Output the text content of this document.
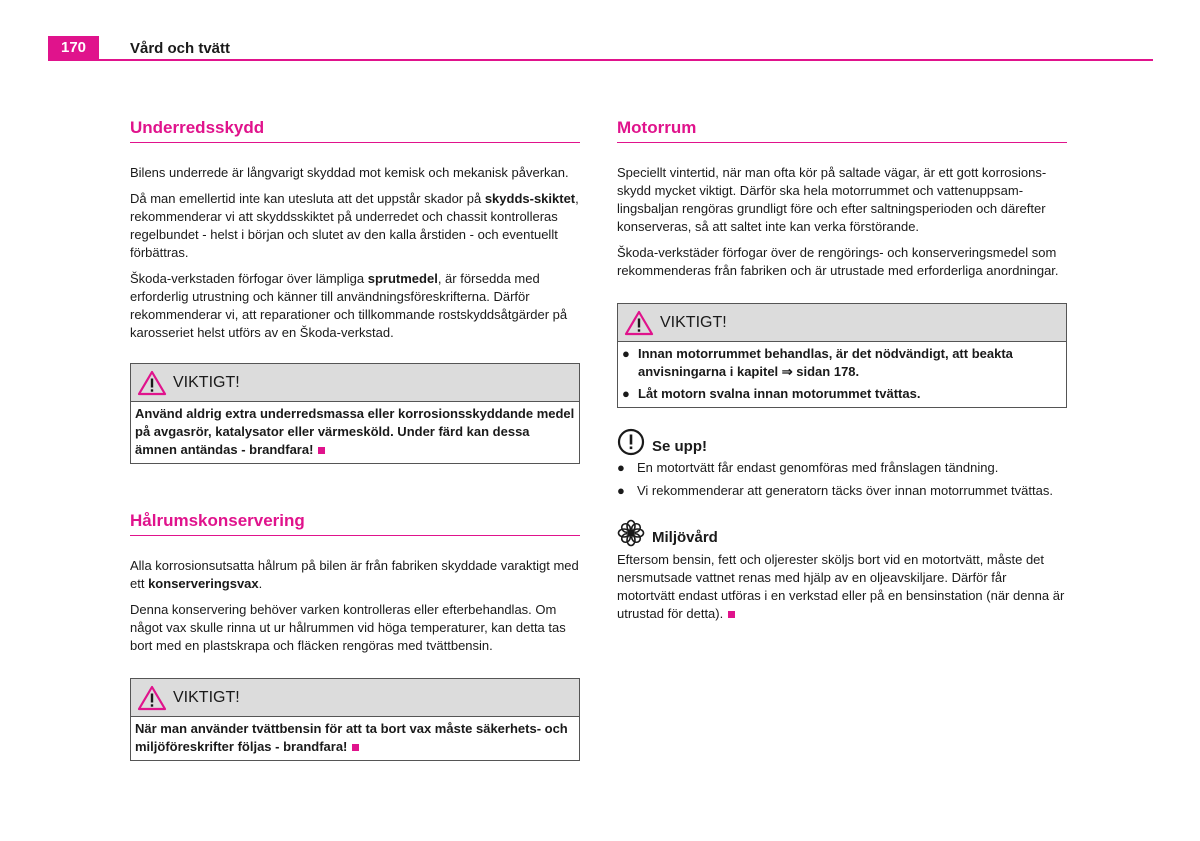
170	Vård och tvätt
Underredsskydd

Bilens underrede är långvarigt skyddad mot kemisk och mekanisk påverkan.

Då man emellertid inte kan utesluta att det uppstår skador på skydds-skiktet, rekommenderar vi att skyddsskiktet på underredet och chassit kontrolleras regelbundet - helst i början och slutet av den kalla årstiden - och eventuellt förbättras.

Škoda-verkstaden förfogar över lämpliga sprutmedel, är försedda med erforderlig utrustning och känner till användningsföreskrifterna. Därför rekommenderar vi, att reparationer och tillkommande rostskyddsåtgärder på karosseriet helst utförs av en Škoda-verkstad.

VIKTIGT!
Använd aldrig extra underredsmassa eller korrosionsskyddande medel på avgasrör, katalysator eller värmesköld. Under färd kan dessa ämnen antändas - brandfara!
Hålrumskonservering

Alla korrosionsutsatta hålrum på bilen är från fabriken skyddade varaktigt med ett konserveringsvax.

Denna konservering behöver varken kontrolleras eller efterbehandlas. Om något vax skulle rinna ut ur hålrummen vid höga temperaturer, kan detta tas bort med en plastskrapa och fläcken rengöras med tvättbensin.

VIKTIGT!
När man använder tvättbensin för att ta bort vax måste säkerhets- och miljöföreskrifter följas - brandfara!
Motorrum

Speciellt vintertid, när man ofta kör på saltade vägar, är ett gott korrosions-skydd mycket viktigt. Därför ska hela motorrummet och vattenuppsam-lingsbaljan rengöras grundligt före och efter saltningsperioden och därefter konserveras, så att saltet inte kan verka förstörande.

Škoda-verkstäder förfogar över de rengörings- och konserveringsmedel som rekommenderas från fabriken och är utrustade med erforderliga anordningar.

VIKTIGT!
● Innan motorrummet behandlas, är det nödvändigt, att beakta anvisningarna i kapitel ⇒ sidan 178.
● Låt motorn svalna innan motorummet tvättas.
Se upp!
● En motortvätt får endast genomföras med frånslagen tändning.
● Vi rekommenderar att generatorn täcks över innan motorrummet tvättas.
Miljövård

Eftersom bensin, fett och oljerester sköljs bort vid en motortvätt, måste det nersmutsade vattnet renas med hjälp av en oljeavskiljare. Därför får motortvätt endast utföras i en verkstad eller på en bensinstation (när denna är utrustad för detta).
